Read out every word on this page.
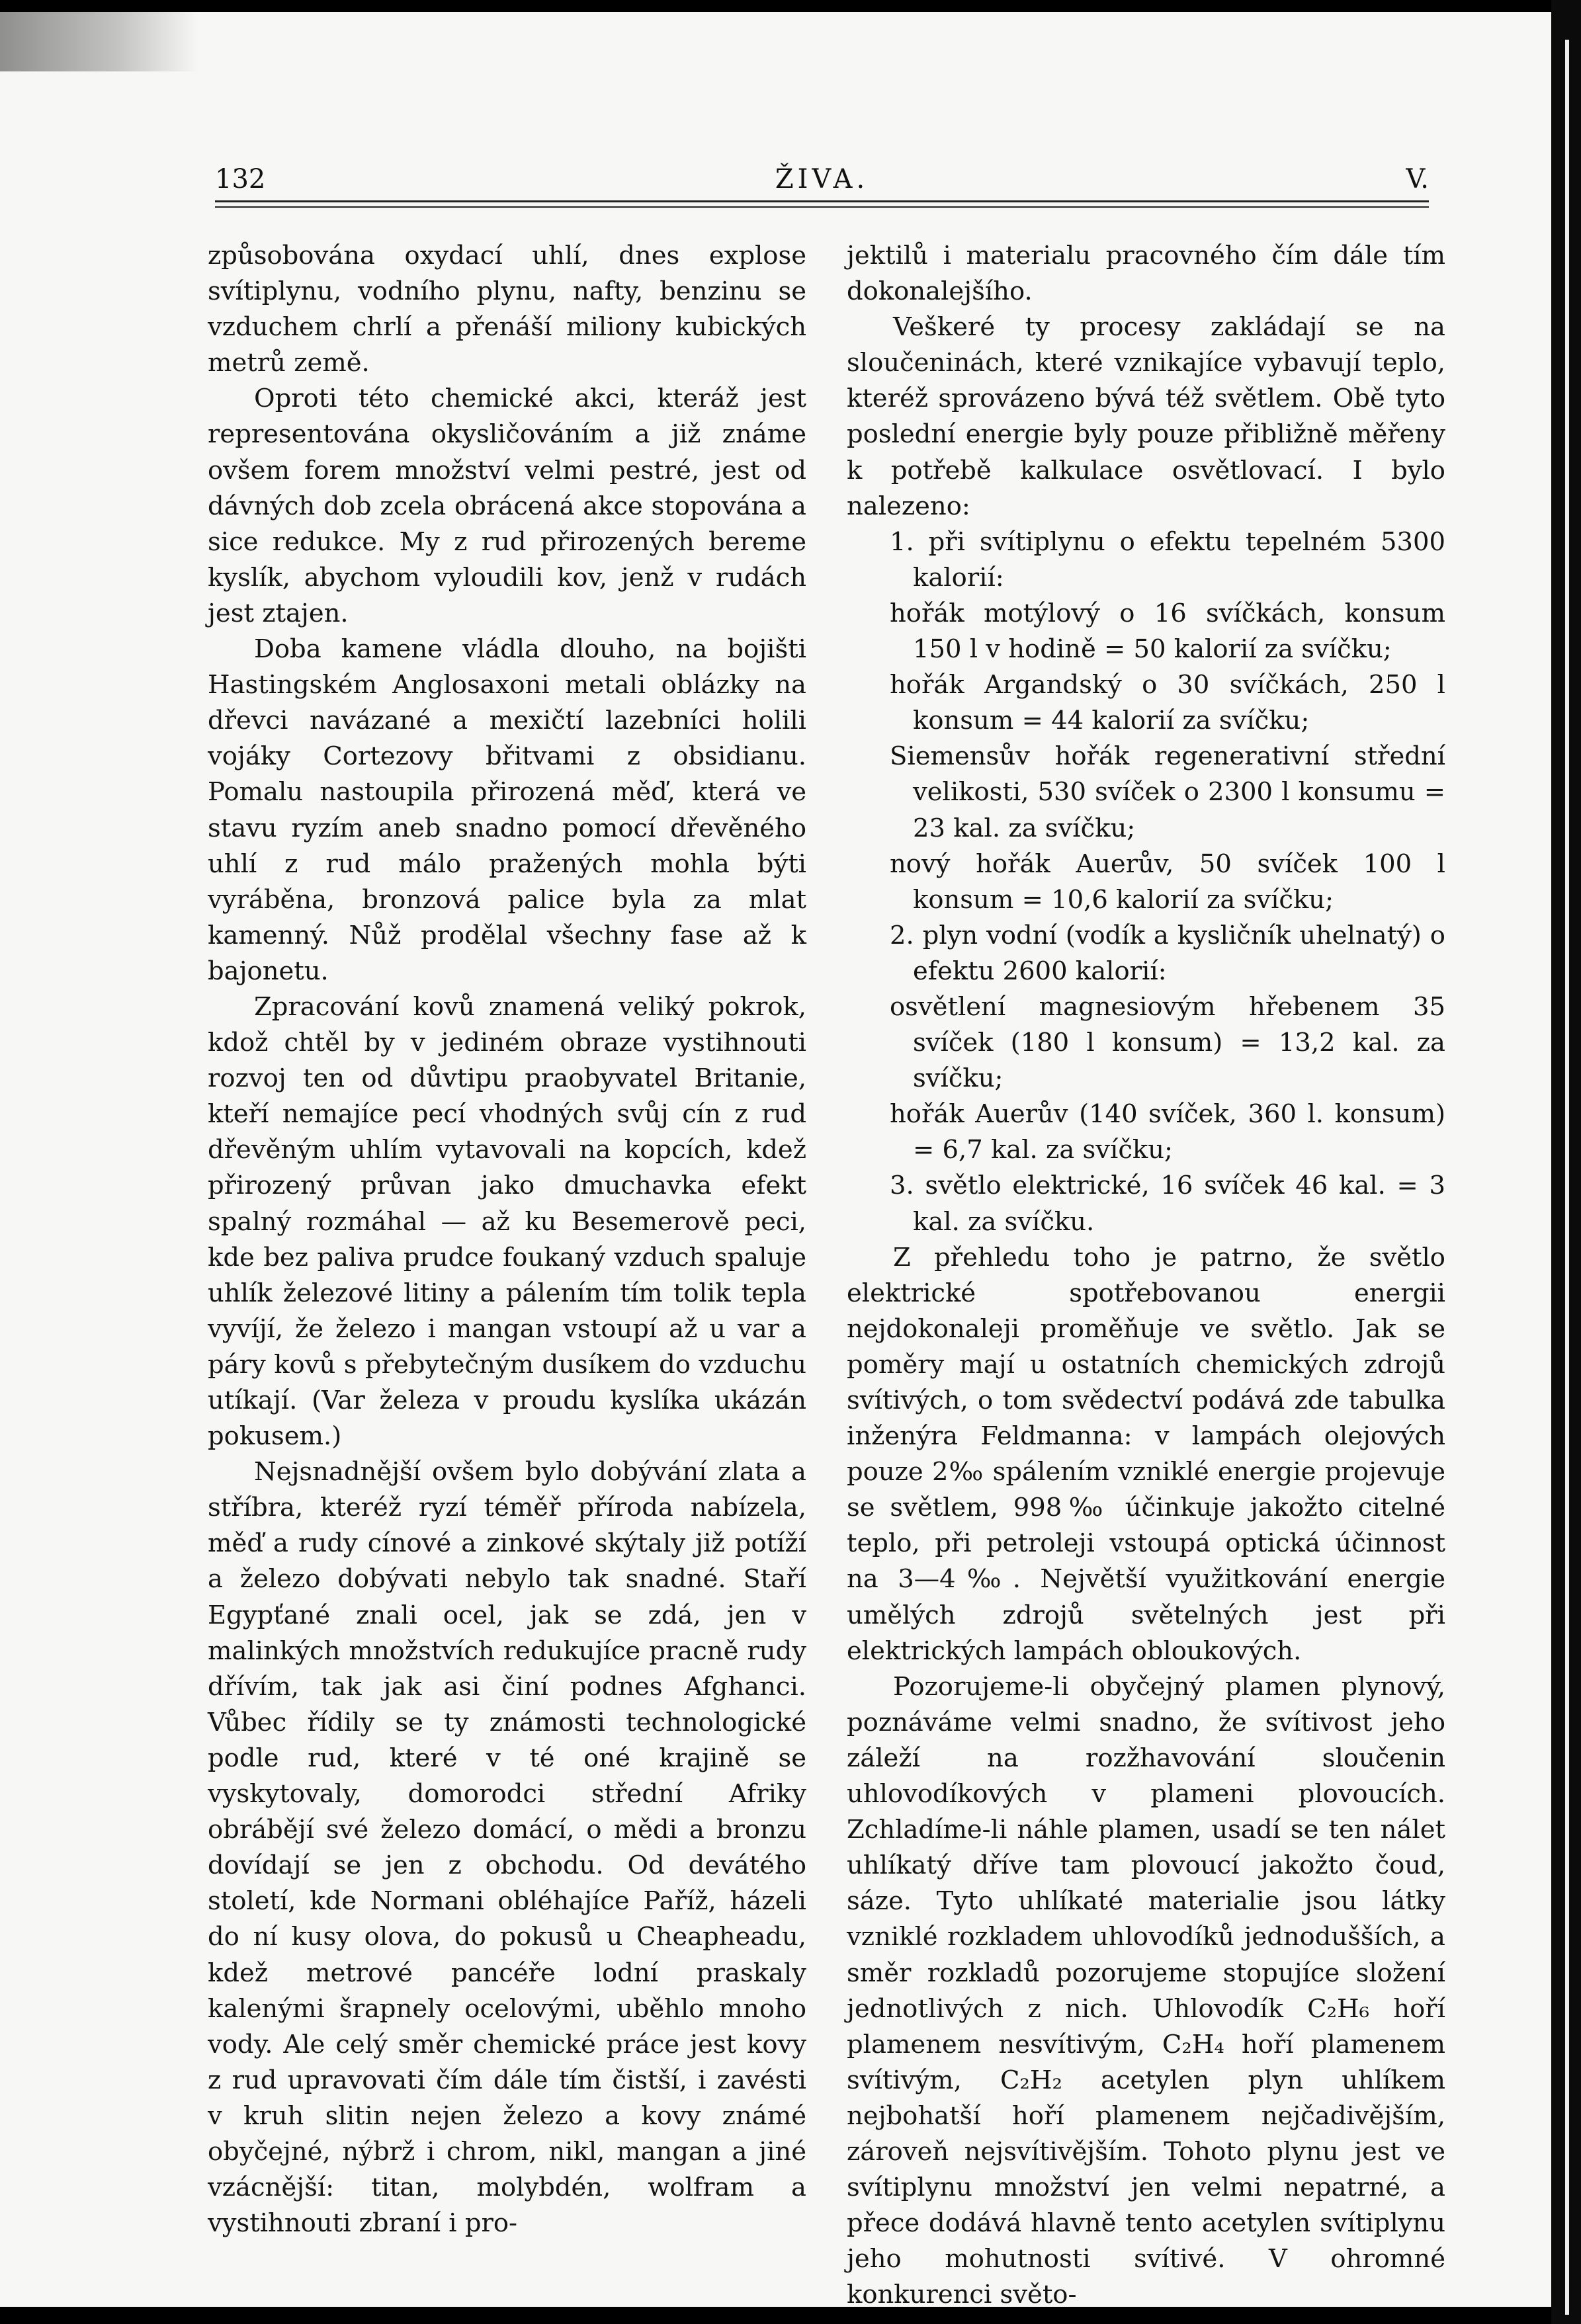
132	ŽIVA.	V.

způsobována oxydací uhlí, dnes explose svítiplynu, vodního plynu, nafty, benzinu se vzduchem chrlí a přenáší miliony kubických metrů země.

Oproti této chemické akci, kteráž jest representována okysličováním a již známe ovšem forem množství velmi pestré, jest od dávných dob zcela obrácená akce stopována a sice redukce. My z rud přirozených bereme kyslík, abychom vyloudili kov, jenž v rudách jest ztajen.

Doba kamene vládla dlouho, na bojišti Hastingském Anglosaxoni metali oblázky na dřevci navázané a mexičtí lazebníci holili vojáky Cortezovy břitvami z obsidianu. Pomalu nastoupila přirozená měď, která ve stavu ryzím aneb snadno pomocí dřevěného uhlí z rud málo pražených mohla býti vyráběna, bronzová palice byla za mlat kamenný. Nůž prodělal všechny fase až k bajonetu.

Zpracování kovů znamená veliký pokrok, kdož chtěl by v jediném obraze vystihnouti rozvoj ten od důvtipu praobyvatel Britanie, kteří nemajíce pecí vhodných svůj cín z rud dřevěným uhlím vytavovali na kopcích, kdež přirozený průvan jako dmuchavka efekt spalný rozmáhal — až ku Besemerově peci, kde bez paliva prudce foukaný vzduch spaluje uhlík železové litiny a pálením tím tolik tepla vyvíjí, že železo i mangan vstoupí až u var a páry kovů s přebytečným dusíkem do vzduchu utíkají. (Var železa v proudu kyslíka ukázán pokusem.)

Nejsnadnější ovšem bylo dobývání zlata a stříbra, kteréž ryzí téměř příroda nabízela, měď a rudy cínové a zinkové skýtaly již potíží a železo dobývati nebylo tak snadné. Staří Egypťané znali ocel, jak se zdá, jen v malinkých množstvích redukujíce pracně rudy dřívím, tak jak asi činí podnes Afghanci. Vůbec řídily se ty známosti technologické podle rud, které v té oné krajině se vyskytovaly, domorodci střední Afriky obrábějí své železo domácí, o mědi a bronzu dovídají se jen z obchodu. Od devátého století, kde Normani obléhajíce Paříž, házeli do ní kusy olova, do pokusů u Cheapheadu, kdež metrové pancéře lodní praskaly kalenými šrapnely ocelovými, uběhlo mnoho vody. Ale celý směr chemické práce jest kovy z rud upravovati čím dále tím čistší, i zavésti v kruh slitin nejen železo a kovy známé obyčejné, nýbrž i chrom, nikl, mangan a jiné vzácnější: titan, molybdén, wolfram a vystihnouti zbraní i pro-

jektilů i materialu pracovného čím dále tím dokonalejšího.

Veškeré ty procesy zakládají se na sloučeninách, které vznikajíce vybavují teplo, kteréž sprovázeno bývá též světlem. Obě tyto poslední energie byly pouze přibližně měřeny k potřebě kalkulace osvětlovací. I bylo nalezeno:

1. při svítiplynu o efektu tepelném 5300 kalorií:

hořák motýlový o 16 svíčkách, konsum 150 l v hodině = 50 kalorií za svíčku;

hořák Argandský o 30 svíčkách, 250 l konsum = 44 kalorií za svíčku;

Siemensův hořák regenerativní střední velikosti, 530 svíček o 2300 l konsumu = 23 kal. za svíčku;

nový hořák Auerův, 50 svíček 100 l konsum = 10,6 kalorií za svíčku;

2. plyn vodní (vodík a kysličník uhelnatý) o efektu 2600 kalorií:

osvětlení magnesiovým hřebenem 35 svíček (180 l konsum) = 13,2 kal. za svíčku;

hořák Auerův (140 svíček, 360 l. konsum) = 6,7 kal. za svíčku;

3. světlo elektrické, 16 svíček 46 kal. = 3 kal. za svíčku.

Z přehledu toho je patrno, že světlo elektrické spotřebovanou energii nejdokonaleji proměňuje ve světlo. Jak se poměry mají u ostatních chemických zdrojů svítivých, o tom svědectví podává zde tabulka inženýra Feldmanna: v lampách olejových pouze 2‰ spálením vzniklé energie projevuje se světlem, 998‰ účinkuje jakožto citelné teplo, při petroleji vstoupá optická účinnost na 3—4‰. Největší využitkování energie umělých zdrojů světelných jest při elektrických lampách obloukových.

Pozorujeme-li obyčejný plamen plynový, poznáváme velmi snadno, že svítivost jeho záleží na rozžhavování sloučenin uhlovodíkových v plameni plovoucích. Zchladíme-li náhle plamen, usadí se ten nálet uhlíkatý dříve tam plovoucí jakožto čoud, sáze. Tyto uhlíkaté materialie jsou látky vzniklé rozkladem uhlovodíků jednodušších, a směr rozkladů pozorujeme stopujíce složení jednotlivých z nich. Uhlovodík C₂H₆ hoří plamenem nesvítivým, C₂H₄ hoří plamenem svítivým, C₂H₂ acetylen plyn uhlíkem nejbohatší hoří plamenem nejčadivějším, zároveň nejsvítivějším. Tohoto plynu jest ve svítiplynu množství jen velmi nepatrné, a přece dodává hlavně tento acetylen svítiplynu jeho mohutnosti svítivé. V ohromné konkurenci světo-
